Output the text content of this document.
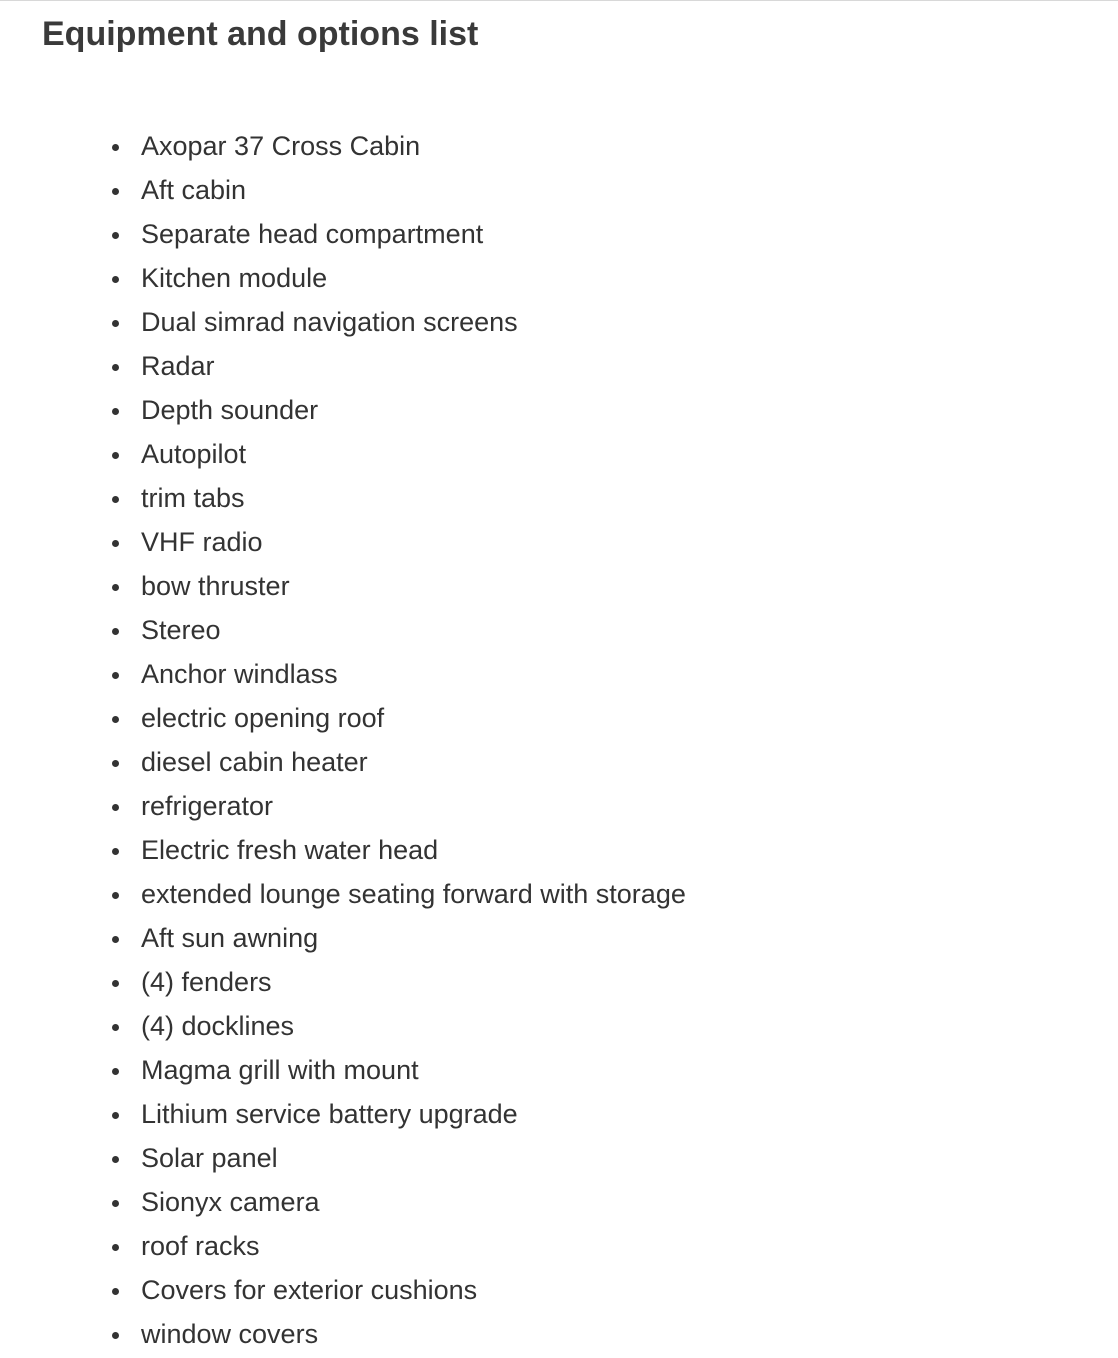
Equipment and options list
Axopar 37 Cross Cabin
Aft cabin
Separate head compartment
Kitchen module
Dual simrad navigation screens
Radar
Depth sounder
Autopilot
trim tabs
VHF radio
bow thruster
Stereo
Anchor windlass
electric opening roof
diesel cabin heater
refrigerator
Electric fresh water head
extended lounge seating forward with storage
Aft sun awning
(4) fenders
(4) docklines
Magma grill with mount
Lithium service battery upgrade
Solar panel
Sionyx camera
roof racks
Covers for exterior cushions
window covers
